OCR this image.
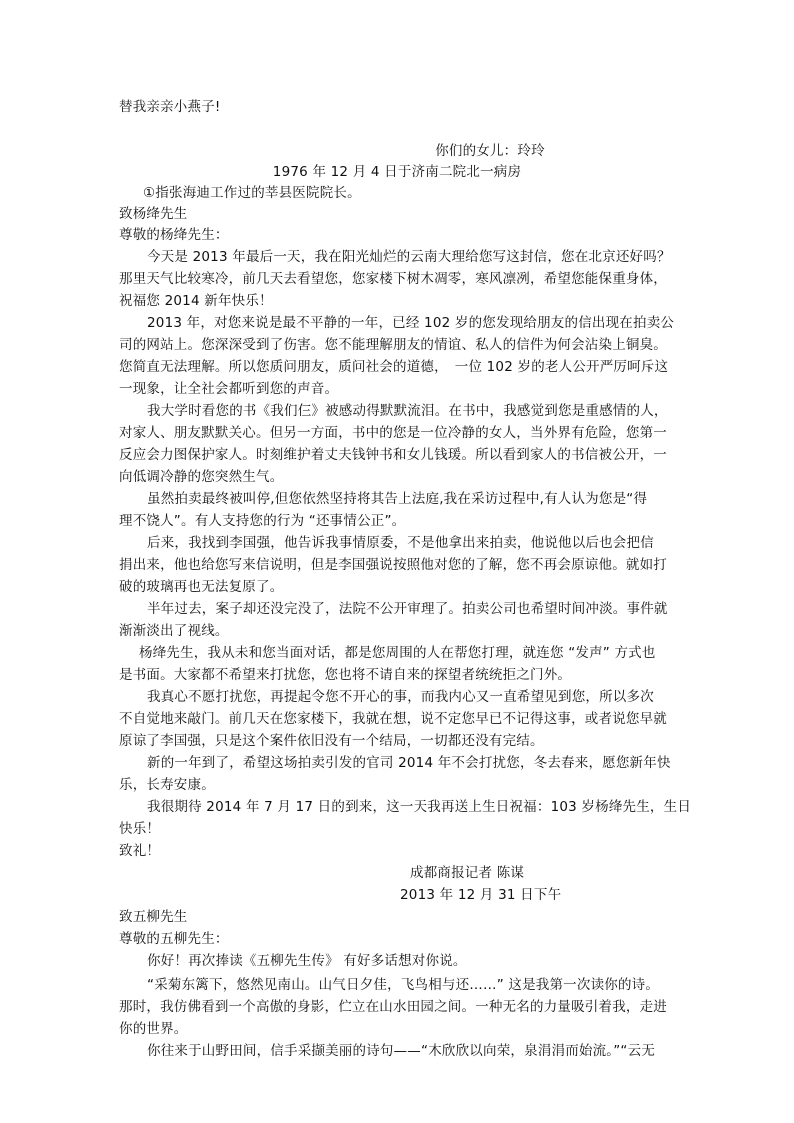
替我亲亲小燕子!
你们的女儿：玲玲
1976 年 12 月 4 日于济南二院北一病房
①指张海迪工作过的莘县医院院长。
致杨绛先生
尊敬的杨绛先生：
今天是 2013 年最后一天，我在阳光灿烂的云南大理给您写这封信，您在北京还好吗？
那里天气比较寒冷，前几天去看望您，您家楼下树木凋零，寒风凛冽，希望您能保重身体，
祝福您 2014 新年快乐！
2013 年，对您来说是最不平静的一年，已经 102 岁的您发现给朋友的信出现在拍卖公
司的网站上。您深深受到了伤害。您不能理解朋友的情谊、私人的信件为何会沾染上铜臭。
您简直无法理解。所以您质问朋友，质问社会的道德，　一位 102 岁的老人公开严厉呵斥这
一现象，让全社会都听到您的声音。
我大学时看您的书《我们仨》被感动得默默流泪。在书中，我感觉到您是重感情的人，
对家人、朋友默默关心。但另一方面，书中的您是一位冷静的女人，当外界有危险，您第一
反应会力图保护家人。时刻维护着丈夫钱钟书和女儿钱瑗。所以看到家人的书信被公开，一
向低调冷静的您突然生气。
虽然拍卖最终被叫停,但您依然坚持将其告上法庭,我在采访过程中,有人认为您是“得
理不饶人”。有人支持您的行为 “还事情公正”。
后来，我找到李国强，他告诉我事情原委，不是他拿出来拍卖，他说他以后也会把信
捐出来，他也给您写来信说明，但是李国强说按照他对您的了解，您不再会原谅他。就如打
破的玻璃再也无法复原了。
半年过去，案子却还没完没了，法院不公开审理了。拍卖公司也希望时间冲淡。事件就
渐渐淡出了视线。
杨绛先生，我从未和您当面对话，都是您周围的人在帮您打理，就连您 “发声” 方式也
是书面。大家都不希望来打扰您，您也将不请自来的探望者统统拒之门外。
我真心不愿打扰您，再提起令您不开心的事，而我内心又一直希望见到您，所以多次
不自觉地来敲门。前几天在您家楼下，我就在想，说不定您早已不记得这事，或者说您早就
原谅了李国强，只是这个案件依旧没有一个结局，一切都还没有完结。
新的一年到了，希望这场拍卖引发的官司 2014 年不会打扰您，冬去春来，愿您新年快
乐，长寿安康。
我很期待 2014 年 7 月 17 日的到来，这一天我再送上生日祝福：103 岁杨绛先生，生日
快乐！
致礼！
成都商报记者 陈谋
2013 年 12 月 31 日下午
致五柳先生
尊敬的五柳先生：
你好！再次捧读《五柳先生传》 有好多话想对你说。
“采菊东篱下，悠然见南山。山气日夕佳，飞鸟相与还……” 这是我第一次读你的诗。
那时，我仿佛看到一个高傲的身影，伫立在山水田园之间。一种无名的力量吸引着我，走进
你的世界。
你往来于山野田间，信手采撷美丽的诗句——“木欣欣以向荣，泉涓涓而始流。”“云无
